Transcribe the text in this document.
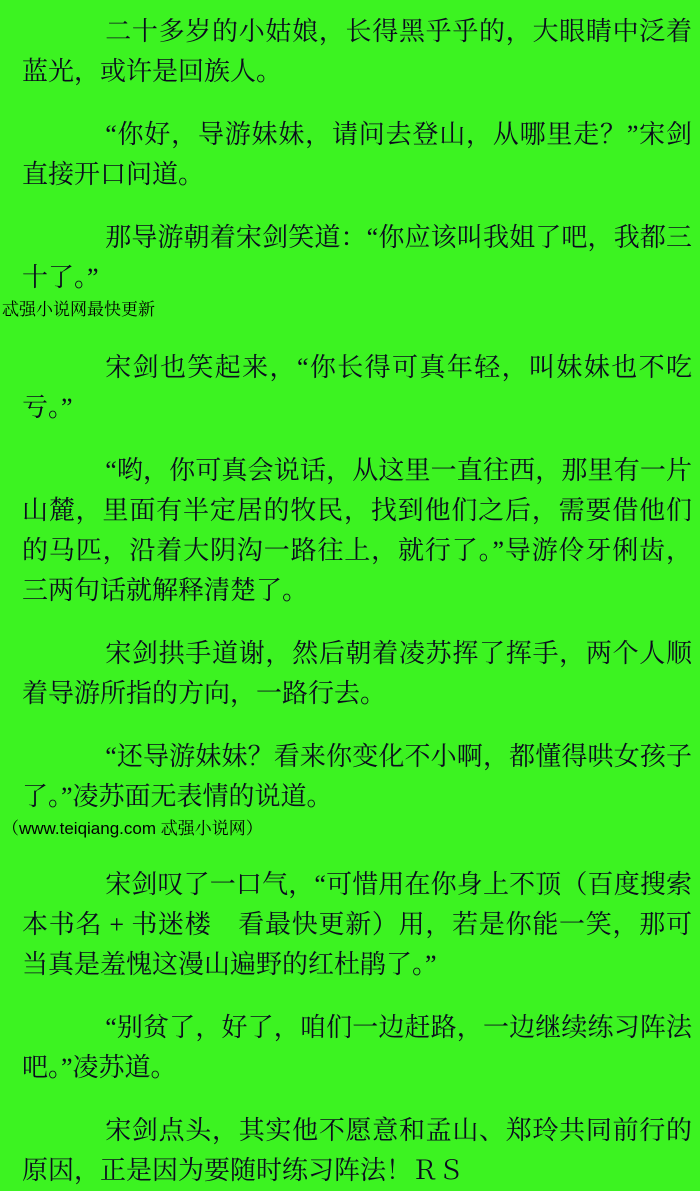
二十多岁的小姑娘，长得黑乎乎的，大眼睛中泛着蓝光，或许是回族人。

“你好，导游妹妹，请问去登山，从哪里走？”宋剑直接开口问道。

那导游朝着宋剑笑道：“你应该叫我姐了吧，我都三十了。”

忒强小说网最快更新

宋剑也笑起来，“你长得可真年轻，叫妹妹也不吃亏。”

“哟，你可真会说话，从这里一直往西，那里有一片山麓，里面有半定居的牧民，找到他们之后，需要借他们的马匹，沿着大阴沟一路往上，就行了。”导游伶牙俐齿，三两句话就解释清楚了。

宋剑拱手道谢，然后朝着凌苏挥了挥手，两个人顺着导游所指的方向，一路行去。

“还导游妹妹？看来你变化不小啊，都懂得哄女孩子了。”凌苏面无表情的说道。

（www.teiqiang.com 忒强小说网）

宋剑叹了一口气，“可惜用在你身上不顶（百度搜索本书名 + 书迷楼　看最快更新）用，若是你能一笑，那可当真是羞愧这漫山遍野的红杜鹃了。”

“别贫了，好了，咱们一边赶路，一边继续练习阵法吧。”凌苏道。

宋剑点头，其实他不愿意和孟山、郑玲共同前行的原因，正是因为要随时练习阵法！ＲＳ
